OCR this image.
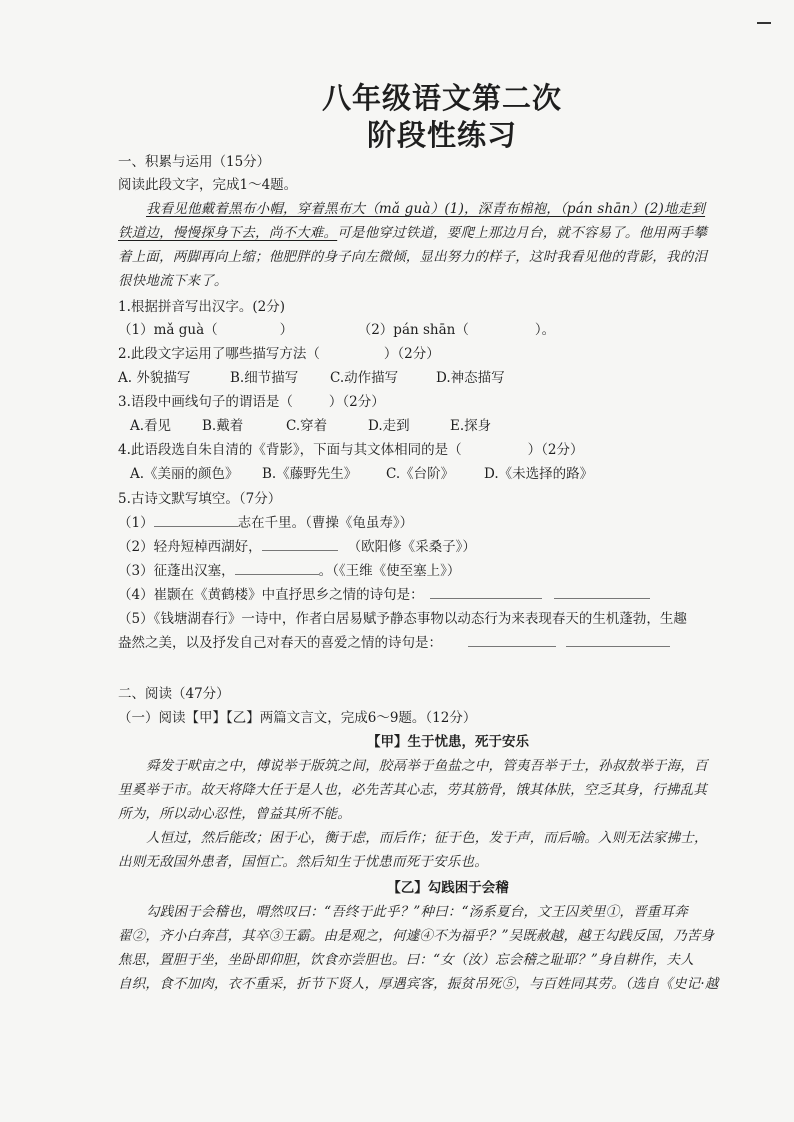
八年级语文第二次
阶段性练习
一、积累与运用（15分）
阅读此段文字，完成1～4题。
我看见他戴着黑布小帽，穿着黑布大（mǎ guà）(1)，深青布棉袍，（pán shān）(2)地走到
铁道边，慢慢探身下去，尚不大难。可是他穿过铁道，要爬上那边月台，就不容易了。他用两手攀
着上面，两脚再向上缩；他肥胖的身子向左微倾，显出努力的样子，这时我看见他的背影，我的泪
很快地流下来了。
1.根据拼音写出汉字。(2分)
（1）mǎ guà（	）	（2）pán shān（	）。
2.此段文字运用了哪些描写方法（	）（2分）
A. 外貌描写	B.细节描写 C.动作描写	D.神态描写
3.语段中画线句子的谓语是（	）（2分）
A.看见 B.戴着	C.穿着	D.走到	E.探身
4.此语段选自朱自清的《背影》，下面与其文体相同的是（	）（2分）
A.《美丽的颜色》 B.《藤野先生》 C.《台阶》 D.《未选择的路》
5.古诗文默写填空。（7分）
（1）	志在千里。（曹操《龟虽寿》）
（2）轻舟短棹西湖好，	（欧阳修《采桑子》）
（3）征蓬出汉塞，	。（《王维《使至塞上》）
（4）崔颢在《黄鹤楼》中直抒思乡之情的诗句是：
（5）《钱塘湖春行》一诗中，作者白居易赋予静态事物以动态行为来表现春天的生机蓬勃，生趣
盎然之美，以及抒发自己对春天的喜爱之情的诗句是：
二、阅读（47分）
（一）阅读【甲】【乙】两篇文言文，完成6～9题。（12分）
【甲】生于忧患，死于安乐
舜发于畎亩之中，傅说举于版筑之间，胶鬲举于鱼盐之中，管夷吾举于士，孙叔敖举于海，百
里奚举于市。故天将降大任于是人也，必先苦其心志，劳其筋骨，饿其体肤，空乏其身，行拂乱其
所为，所以动心忍性，曾益其所不能。
人恒过，然后能改；困于心，衡于虑，而后作；征于色，发于声，而后喻。入则无法家拂士，
出则无敌国外患者，国恒亡。然后知生于忧患而死于安乐也。
【乙】勾践困于会稽
勾践困于会稽也，喟然叹曰：“吾终于此乎？”种曰：“汤系夏台，文王囚羑里①，晋重耳奔
翟②，齐小白奔莒，其卒③王霸。由是观之，何遽④不为福乎？”吴既赦越，越王勾践反国，乃苦身
焦思，置胆于坐，坐卧即仰胆，饮食亦尝胆也。曰：“女（汝）忘会稽之耻耶？”身自耕作，夫人
自织，食不加肉，衣不重采，折节下贤人，厚遇宾客，振贫吊死⑤，与百姓同其劳。（选自《史记·越
